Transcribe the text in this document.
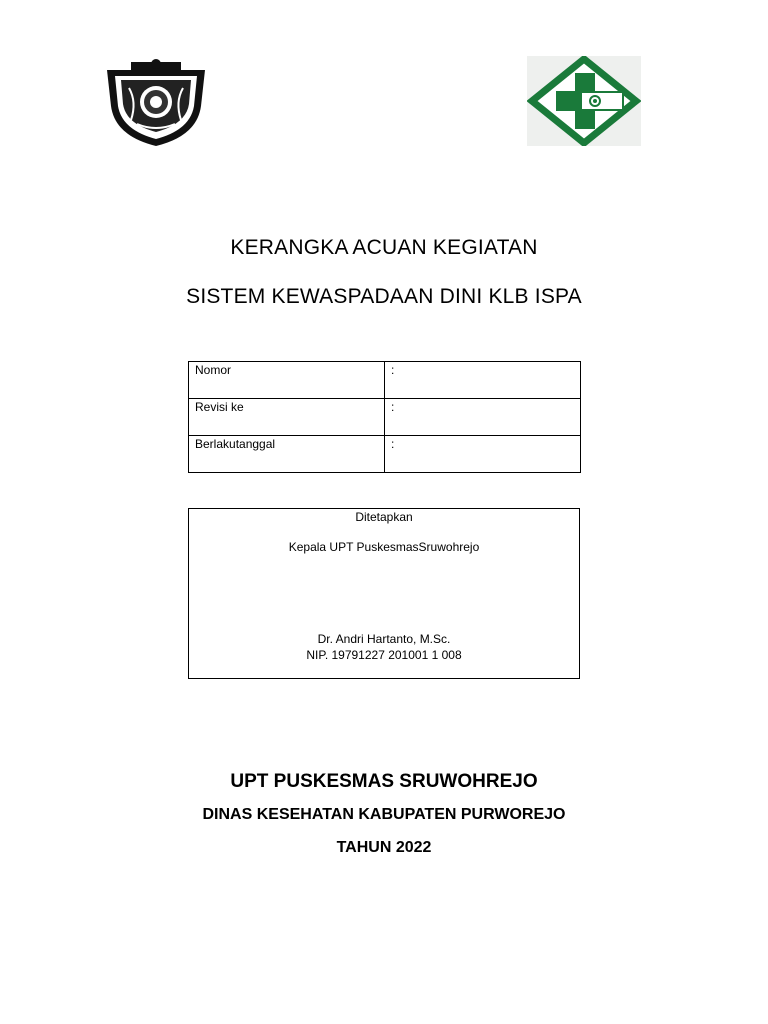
KERANGKA ACUAN KEGIATAN
SISTEM KEWASPADAAN DINI KLB ISPA
Nomor	:
Revisi ke	:
Berlakutanggal	:
Ditetapkan
Kepala UPT PuskesmasSruwohrejo
Dr. Andri Hartanto, M.Sc.
NIP. 19791227 201001 1 008
UPT PUSKESMAS SRUWOHREJO
DINAS KESEHATAN KABUPATEN PURWOREJO
TAHUN 2022
